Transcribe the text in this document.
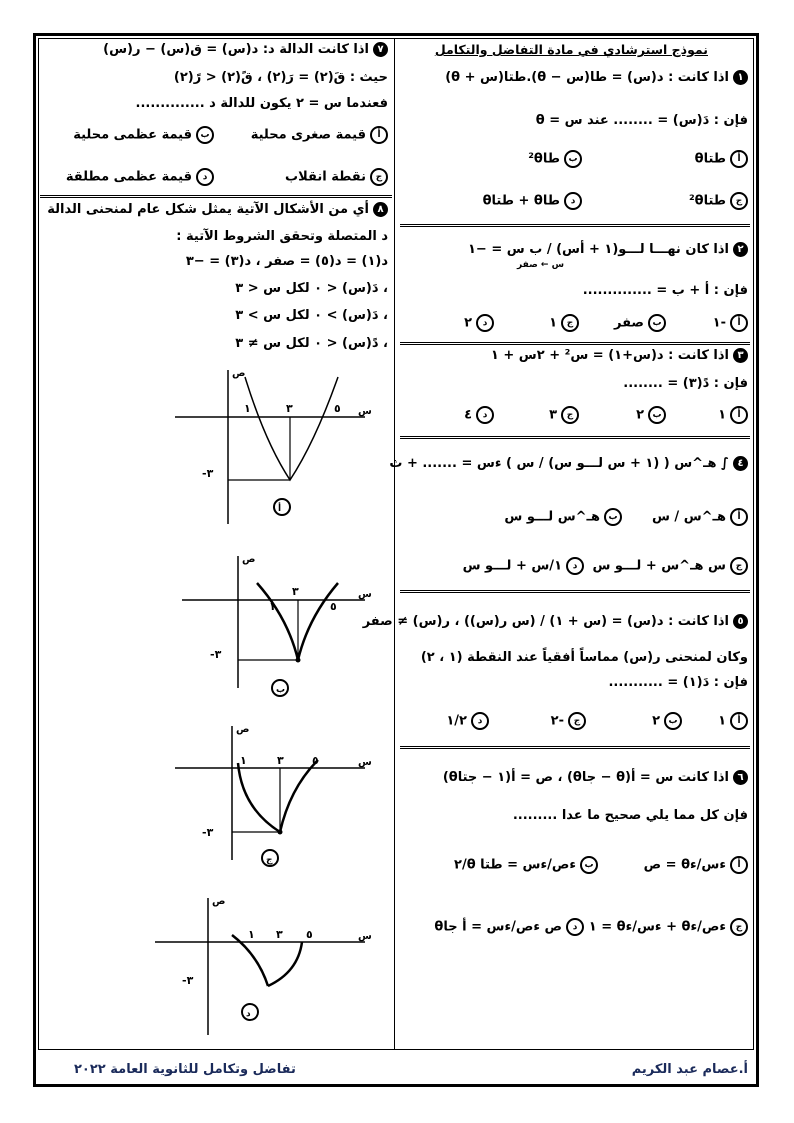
نموذج استرشادي في مادة التفاضل والتكامل
١اذا كانت : د(س) = طا(س − θ).طتا(س + θ)
فإن : دَ(س) = ........ عند س = θ
أطتاθ
بطا²θ
جطتا²θ
دطاθ + طتاθ
٢اذا كان نهـــا لـــو(١ + أس) / ب س = −١
س ← صفر
فإن : أ + ب = ..............
أ-١
بصفر
ج١
د٢
٣اذا كانت : د(س+١) = س² + ٢س + ١
فإن : دً(٣) = ........
أ١
ب٢
ج٣
د٤
٤∫ هـ^س ( (١ + س لـــو س) / س ) ءس = ....... + ث
أهـ^س / س
بهـ^س لـــو س
جس هـ^س + لـــو س
د١/س + لـــو س
٥اذا كانت : د(س) = (س + ١) / (س ر(س)) ، ر(س) ≠ صفر
وكان لمنحنى ر(س) مماساً أفقياً عند النقطة (١ ، ٢)
فإن : دَ(١) = ...........
أ١
ب٢
ج-٢
د١/٢
٦اذا كانت س = أ(θ − جاθ) ، ص = أ(١ − جتاθ)
فإن كل مما يلي صحيح ما عدا .........
أءس/ءθ = ص
بءص/ءس = طتا θ/٢
جءص/ءθ + ءس/ءθ = ١
دص ءص/ءس = أ جاθ
٧اذا كانت الدالة د: د(س) = ق(س) − ر(س)
حيث : قَ(٢) = رَ(٢) ، قً(٢) < رً(٢)
فعندما س = ٢ يكون للدالة د ..............
أقيمة صغرى محلية
بقيمة عظمى محلية
جنقطة انقلاب
دقيمة عظمى مطلقة
٨أي من الأشكال الآتية يمثل شكل عام لمنحنى الدالة
د المتصلة وتحقق الشروط الآتية :
د(١) = د(٥) = صفر ، د(٣) = −٣
، دَ(س) < ٠ لكل س < ٣
، دَ(س) > ٠ لكل س > ٣
، دً(س) < ٠ لكل س ≠ ٣
ص
س
١	٣	٥
-٣
أ
ص
س
١
٣
٥
-٣
ب
ص
س
١	٣	٥
-٣
ج
ص
س
١ ٣ ٥
-٣
د
أ.عصام عبد الكريم
تفاضل وتكامل للثانوية العامة ٢٠٢٢
